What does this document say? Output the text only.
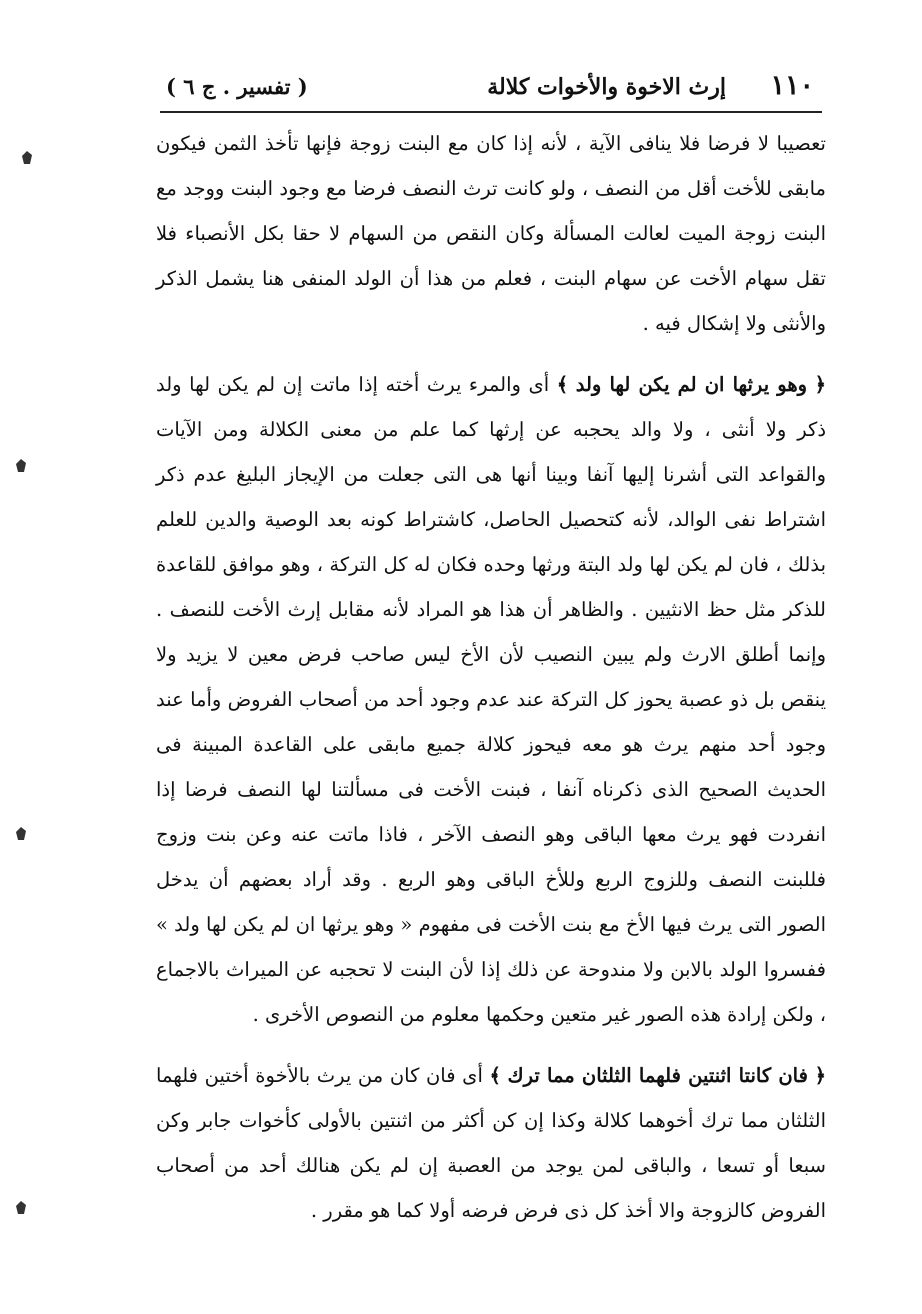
۱۱۰
إرث الاخوة والأخوات كلالة
( تفسير . ج ٦ )

تعصيبا لا فرضا فلا ينافى الآية ، لأنه إذا كان مع البنت زوجة فإنها تأخذ الثمن فيكون مابقى للأخت أقل من النصف ، ولو كانت ترث النصف فرضا مع وجود البنت ووجد مع البنت زوجة الميت لعالت المسألة وكان النقص من السهام لا حقا بكل الأنصباء فلا تقل سهام الأخت عن سهام البنت ، فعلم من هذا أن الولد المنفى هنا يشمل الذكر والأنثى ولا إشكال فيه .

﴿ وهو يرثها ان لم يكن لها ولد ﴾ أى والمرء يرث أخته إذا ماتت إن لم يكن لها ولد ذكر ولا أنثى ، ولا والد يحجبه عن إرثها كما علم من معنى الكلالة ومن الآيات والقواعد التى أشرنا إليها آنفا وبينا أنها هى التى جعلت من الإيجاز البليغ عدم ذكر اشتراط نفى الوالد، لأنه كتحصيل الحاصل، كاشتراط كونه بعد الوصية والدين للعلم بذلك ، فان لم يكن لها ولد البتة ورثها وحده فكان له كل التركة ، وهو موافق للقاعدة للذكر مثل حظ الانثيين . والظاهر أن هذا هو المراد لأنه مقابل إرث الأخت للنصف . وإنما أطلق الارث ولم يبين النصيب لأن الأخ ليس صاحب فرض معين لا يزيد ولا ينقص بل ذو عصبة يحوز كل التركة عند عدم وجود أحد من أصحاب الفروض وأما عند وجود أحد منهم يرث هو معه فيحوز كلالة جميع مابقى على القاعدة المبينة فى الحديث الصحيح الذى ذكرناه آنفا ، فبنت الأخت فى مسألتنا لها النصف فرضا إذا انفردت فهو يرث معها الباقى وهو النصف الآخر ، فاذا ماتت عنه وعن بنت وزوج فللبنت النصف وللزوج الربع وللأخ الباقى وهو الربع . وقد أراد بعضهم أن يدخل الصور التى يرث فيها الأخ مع بنت الأخت فى مفهوم « وهو يرثها ان لم يكن لها ولد » ففسروا الولد بالابن ولا مندوحة عن ذلك إذا لأن البنت لا تحجبه عن الميراث بالاجماع ، ولكن إرادة هذه الصور غير متعين وحكمها معلوم من النصوص الأخرى .

﴿ فان كانتا اثنتين فلهما الثلثان مما ترك ﴾ أى فان كان من يرث بالأخوة أختين فلهما الثلثان مما ترك أخوهما كلالة وكذا إن كن أكثر من اثنتين بالأولى كأخوات جابر وكن سبعا أو تسعا ، والباقى لمن يوجد من العصبة إن لم يكن هنالك أحد من أصحاب الفروض كالزوجة والا أخذ كل ذى فرض فرضه أولا كما هو مقرر .
